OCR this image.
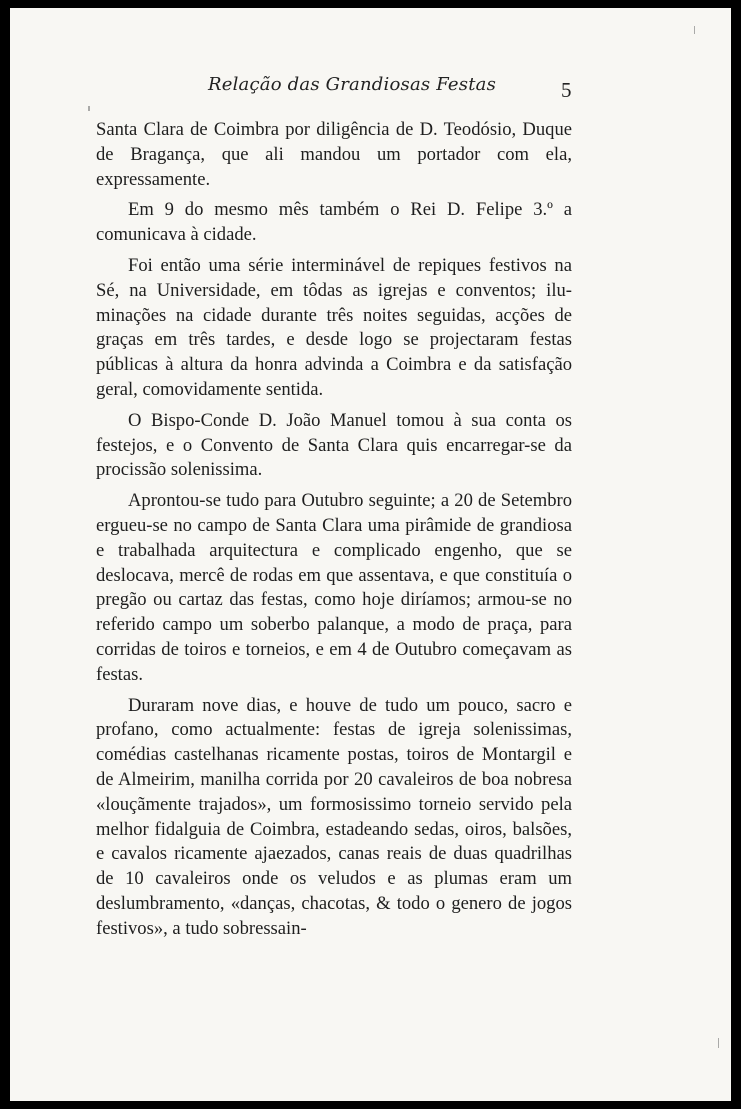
Relação das Grandiosas Festas	5

Santa Clara de Coimbra por diligência de D. Teodósio, Duque de Bragança, que ali mandou um portador com ela, expressamente.

Em 9 do mesmo mês também o Rei D. Felipe 3.º a comunicava à cidade.

Foi então uma série interminável de repiques festivos na Sé, na Universidade, em tôdas as igrejas e conventos; iluminações na cidade durante três noites seguidas, acções de graças em três tardes, e desde logo se projectaram festas públicas à altura da honra advinda a Coimbra e da satisfação geral, comovidamente sentida.

O Bispo-Conde D. João Manuel tomou à sua conta os festejos, e o Convento de Santa Clara quis encarregar-se da procissão solenissima.

Aprontou-se tudo para Outubro seguinte; a 20 de Setembro ergueu-se no campo de Santa Clara uma pirâmide de grandiosa e trabalhada arquitectura e complicado engenho, que se deslocava, mercê de rodas em que assentava, e que constituía o pregão ou cartaz das festas, como hoje diríamos; armou-se no referido campo um soberbo palanque, a modo de praça, para corridas de toiros e torneios, e em 4 de Outubro começavam as festas.

Duraram nove dias, e houve de tudo um pouco, sacro e profano, como actualmente: festas de igreja solenissimas, comédias castelhanas ricamente postas, toiros de Montargil e de Almeirim, manilha corrida por 20 cavaleiros de boa nobresa «louçãmente trajados», um formosissimo torneio servido pela melhor fidalguia de Coimbra, estadeando sedas, oiros, balsões, e cavalos ricamente ajaezados, canas reais de duas quadrilhas de 10 cavaleiros onde os veludos e as plumas eram um deslumbramento, «danças, chacotas, & todo o genero de jogos festivos», a tudo sobressain-
